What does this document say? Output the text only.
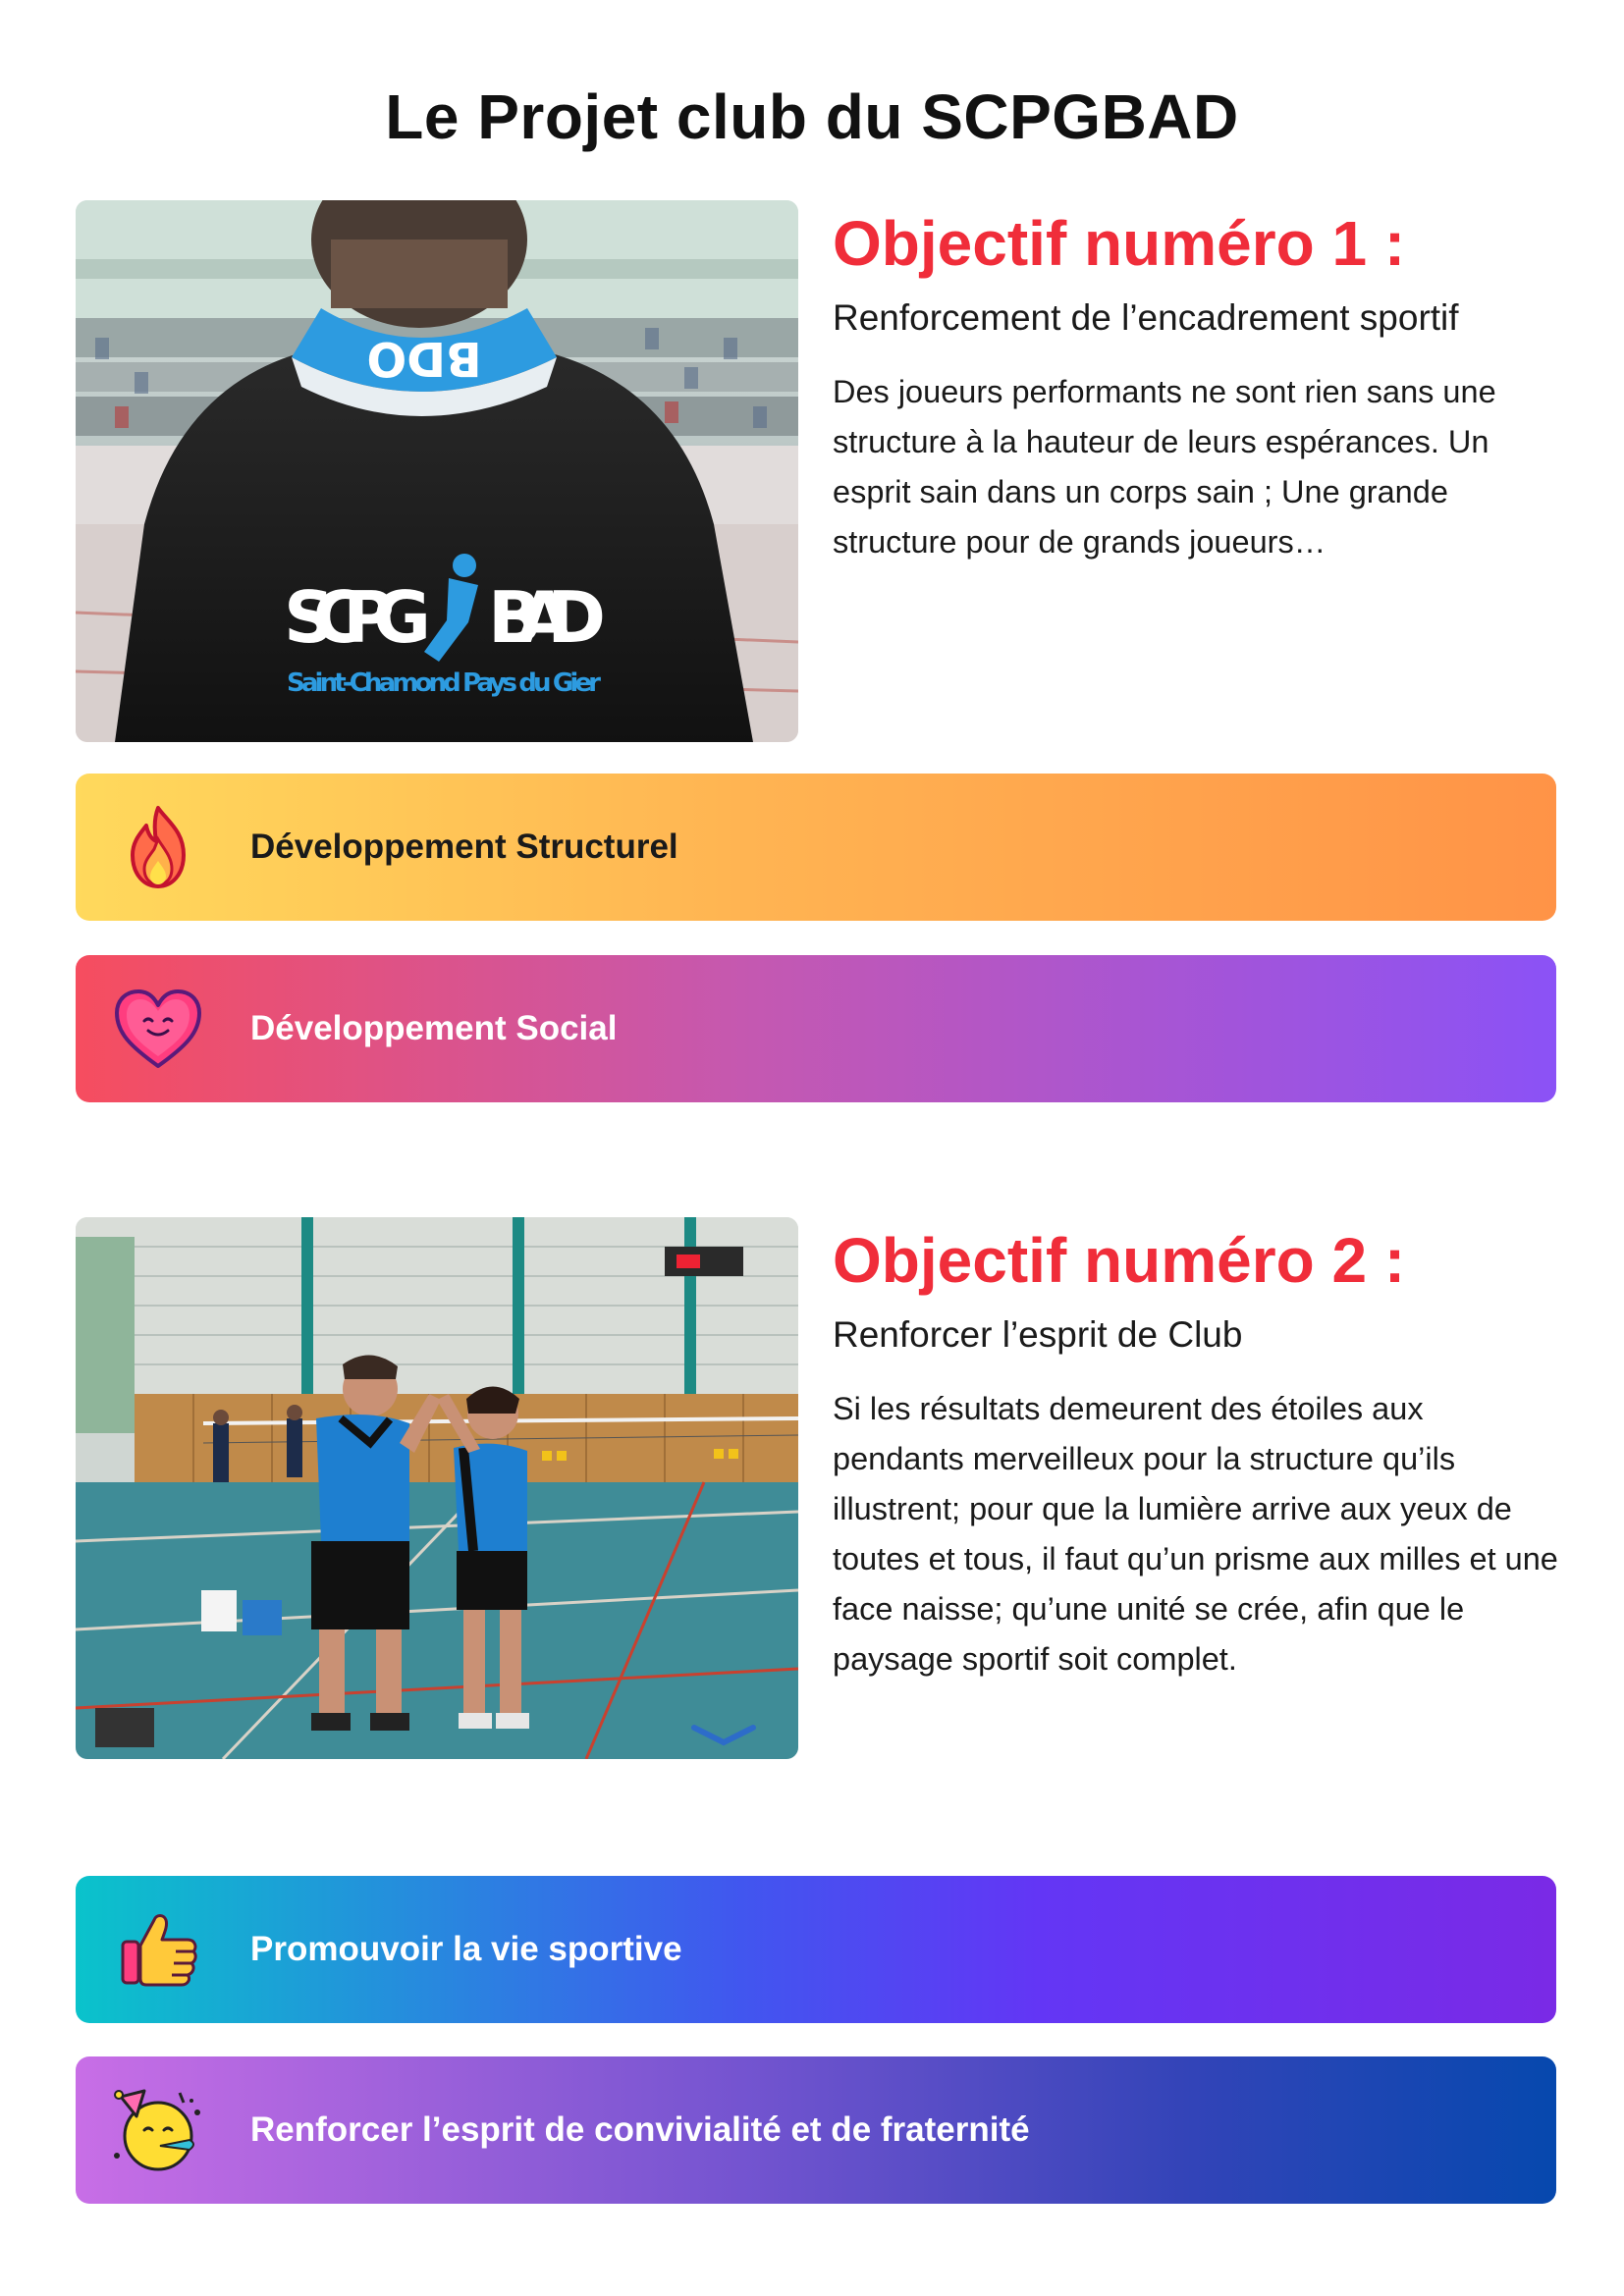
Le Projet club du SCPGBAD
BDO
SCPG BAD
Saint-Chamond Pays du Gier
Objectif numéro 1 :
Renforcement de l’encadrement sportif

Des joueurs performants ne sont rien sans une structure à la hauteur de leurs espérances. Un esprit sain dans un corps sain ; Une grande structure pour de grands joueurs…

Développement Structurel
Développement Social
Objectif numéro 2 :
Renforcer l’esprit de Club

Si les résultats demeurent des étoiles aux pendants merveilleux pour la structure qu’ils illustrent; pour que la lumière arrive aux yeux de toutes et tous, il faut qu’un prisme aux milles et une face naisse; qu’une unité se crée, afin que le paysage sportif soit complet.

Promouvoir la vie sportive
Renforcer l’esprit de convivialité et de fraternité
